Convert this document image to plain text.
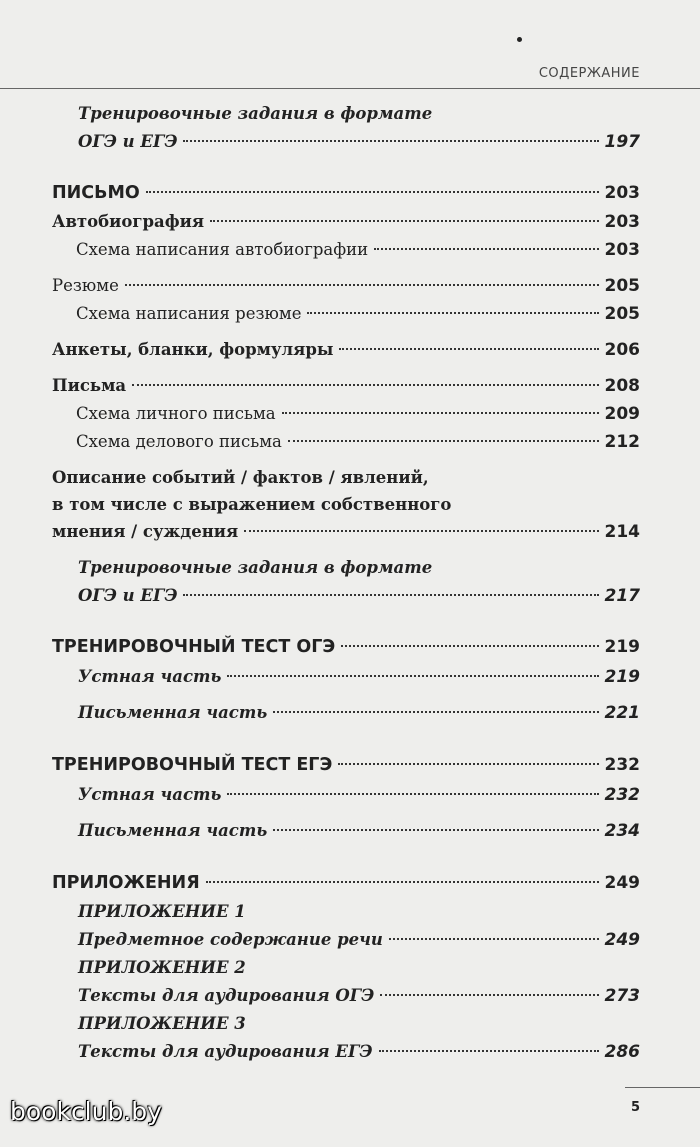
СОДЕРЖАНИЕ
Тренировочные задания в формате
ОГЭ и ЕГЭ	197
ПИСЬМО	203
Автобиография	203
Схема написания автобиографии	203
Резюме	205
Схема написания резюме	205
Анкеты, бланки, формуляры	206
Письма	208
Схема личного письма	209
Схема делового письма	212
Описание событий / фактов / явлений,
в том числе с выражением собственного
мнения / суждения	214
Тренировочные задания в формате
ОГЭ и ЕГЭ	217
ТРЕНИРОВОЧНЫЙ ТЕСТ ОГЭ	219
Устная часть	219
Письменная часть	221
ТРЕНИРОВОЧНЫЙ ТЕСТ ЕГЭ	232
Устная часть	232
Письменная часть	234
ПРИЛОЖЕНИЯ	249
ПРИЛОЖЕНИЕ 1
Предметное содержание речи	249
ПРИЛОЖЕНИЕ 2
Тексты для аудирования ОГЭ	273
ПРИЛОЖЕНИЕ 3
Тексты для аудирования ЕГЭ	286
5
bookclub.by
